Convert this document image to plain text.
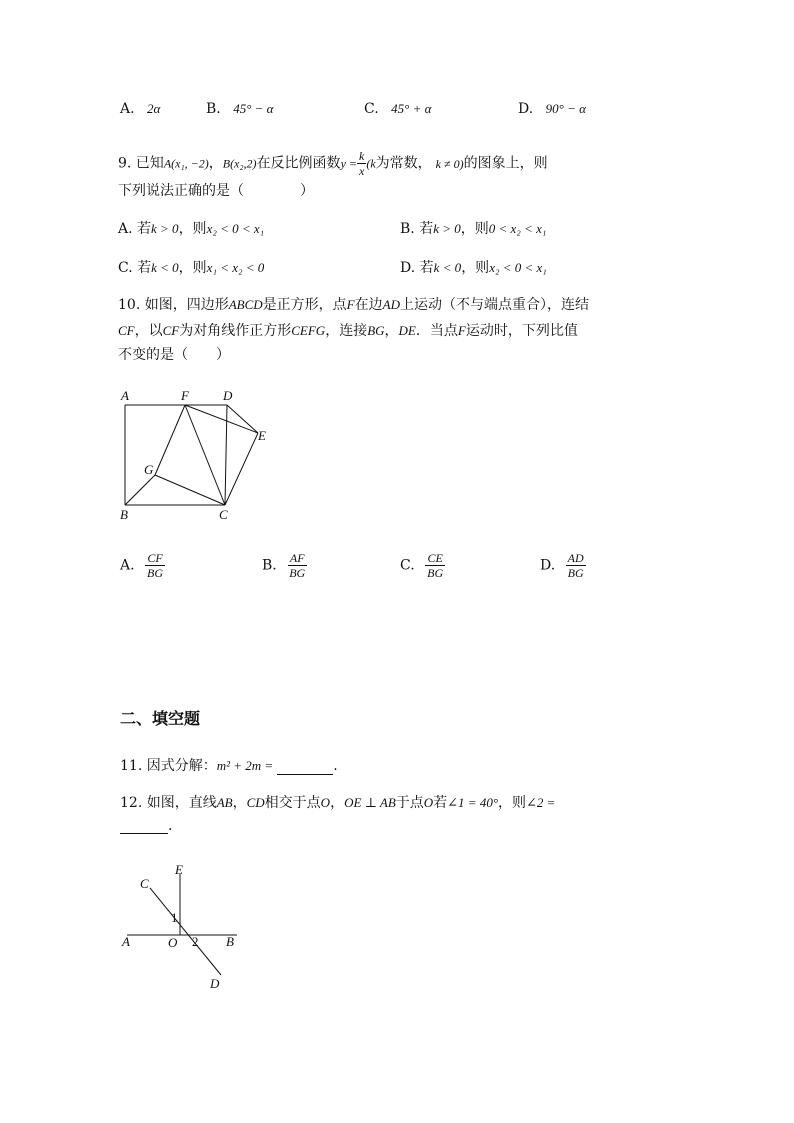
A. 2α	B. 45° − α	C. 45° + α	D. 90° − α
9. 已知A(x₁, −2)，B(x₂,2)在反比例函数$y = \frac{k}{x} (k$为常数， k ≠ 0)的图象上，则
下列说法正确的是（　　　　）
A. 若k > 0，则x₂ < 0 < x₁	B. 若k > 0，则0 < x₂ < x₁
C. 若k < 0，则x₁ < x₂ < 0	D. 若k < 0，则x₂ < 0 < x₁
10. 如图，四边形ABCD是正方形，点F在边AD上运动（不与端点重合），连结
CF，以CF为对角线作正方形CEFG，连接BG，DE．当点F运动时，下列比值
不变的是（　　）
A	F	D
E
G
B	C
A. $\frac{CF}{BG}$	B. $\frac{AF}{BG}$	C. $\frac{CE}{BG}$	D. $\frac{AD}{BG}$
二、填空题
11. 因式分解：m² + 2m =	.
12. 如图，直线AB，CD相交于点O，OE ⊥ AB于点O若∠1 = 40°，则∠2 =
.
C
E
1
A	O 2 B
D
